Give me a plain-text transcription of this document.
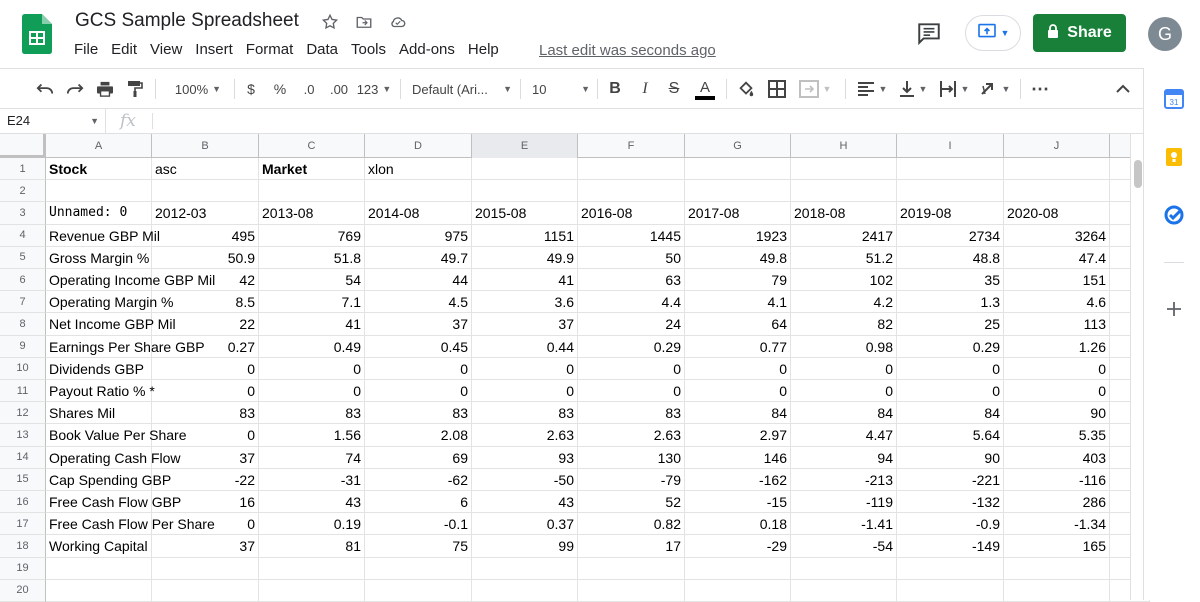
GCS Sample Spreadsheet
File Edit View Insert Format Data Tools Add-ons Help	Last edit was seconds ago
▼	Share	G
100% ▼ $ %	.0	.00 123 ▼ Default (Ari... ▼ 10	▼ B	I	S A	▼	▼	▼	▼	▼ ⋯
E24	▼ fx
A	B	C	D	E	F	G	H	I	J
1	Stock	asc	Market	xlon
2
3	Unnamed: 0	2012-03	2013-08	2014-08	2015-08	2016-08	2017-08	2018-08	2019-08	2020-08
4	Revenue GBP Mil	495	769	975	1151	1445	1923	2417	2734	3264
5	Gross Margin %	50.9	51.8	49.7	49.9	50	49.8	51.2	48.8	47.4
6	Operating Income GBP Mil	42	54	44	41	63	79	102	35	151
7	Operating Margin %	8.5	7.1	4.5	3.6	4.4	4.1	4.2	1.3	4.6
8	Net Income GBP Mil	22	41	37	37	24	64	82	25	113
9	Earnings Per Share GBP	0.27	0.49	0.45	0.44	0.29	0.77	0.98	0.29	1.26
10	Dividends GBP	0	0	0	0	0	0	0	0	0
11	Payout Ratio % *	0	0	0	0	0	0	0	0	0
12	Shares Mil	83	83	83	83	83	84	84	84	90
13	Book Value Per Share	0	1.56	2.08	2.63	2.63	2.97	4.47	5.64	5.35
14	Operating Cash Flow	37	74	69	93	130	146	94	90	403
15	Cap Spending GBP	-22	-31	-62	-50	-79	-162	-213	-221	-116
16	Free Cash Flow GBP	16	43	6	43	52	-15	-119	-132	286
17	Free Cash Flow Per Share	0	0.19	-0.1	0.37	0.82	0.18	-1.41	-0.9	-1.34
18	Working Capital	37	81	75	99	17	-29	-54	-149	165
19
20
31
